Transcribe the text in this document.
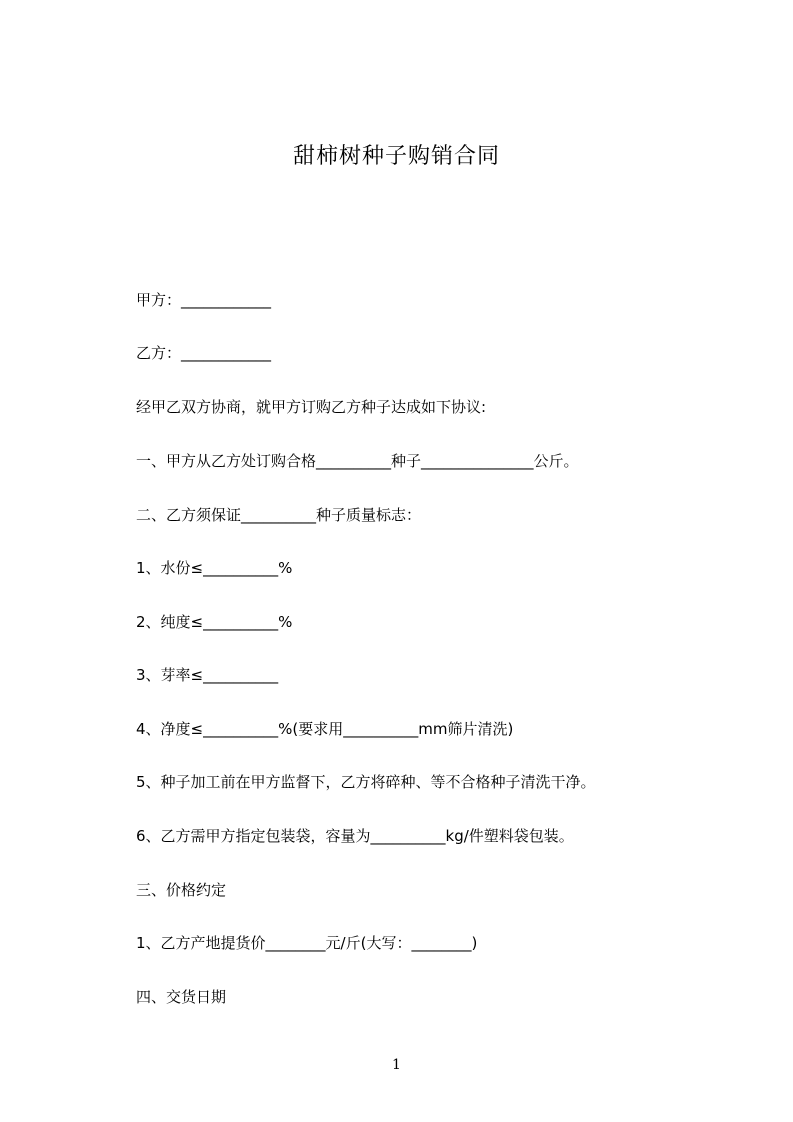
甜柿树种子购销合同
甲方：____________
乙方：____________
经甲乙双方协商，就甲方订购乙方种子达成如下协议:
一、甲方从乙方处订购合格__________种子_______________公斤。
二、乙方须保证__________种子质量标志：
1、水份≤__________%
2、纯度≤__________%
3、芽率≤__________
4、净度≤__________%(要求用__________mm筛片清洗)
5、种子加工前在甲方监督下，乙方将碎种、等不合格种子清洗干净。
6、乙方需甲方指定包装袋，容量为__________kg/件塑料袋包装。
三、价格约定
1、乙方产地提货价________元/斤(大写：________)
四、交货日期
1
